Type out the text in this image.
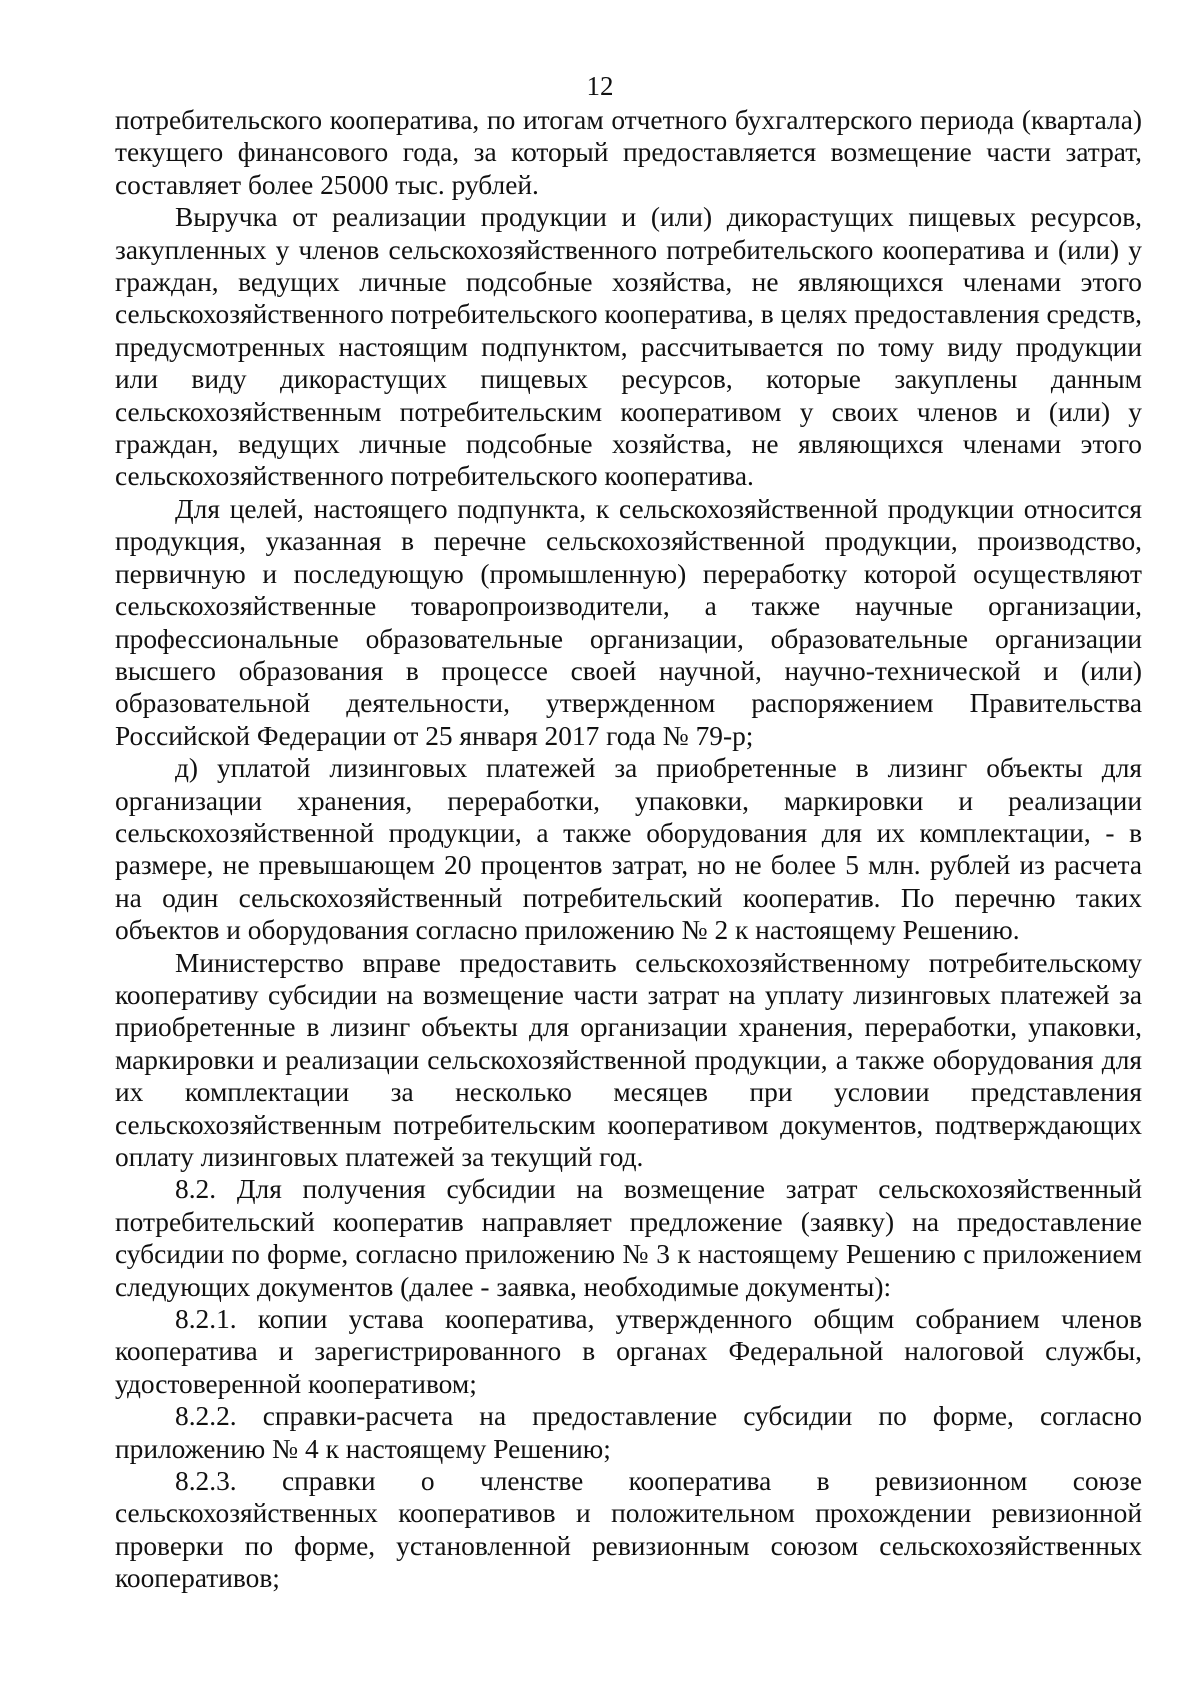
12

потребительского кооператива, по итогам отчетного бухгалтерского периода (квартала) текущего финансового года, за который предоставляется возмещение части затрат, составляет более 25000 тыс. рублей.

Выручка от реализации продукции и (или) дикорастущих пищевых ресурсов, закупленных у членов сельскохозяйственного потребительского кооператива и (или) у граждан, ведущих личные подсобные хозяйства, не являющихся членами этого сельскохозяйственного потребительского кооператива, в целях предоставления средств, предусмотренных настоящим подпунктом, рассчитывается по тому виду продукции или виду дикорастущих пищевых ресурсов, которые закуплены данным сельскохозяйственным потребительским кооперативом у своих членов и (или) у граждан, ведущих личные подсобные хозяйства, не являющихся членами этого сельскохозяйственного потребительского кооператива.

Для целей, настоящего подпункта, к сельскохозяйственной продукции относится продукция, указанная в перечне сельскохозяйственной продукции, производство, первичную и последующую (промышленную) переработку которой осуществляют сельскохозяйственные товаропроизводители, а также научные организации, профессиональные образовательные организации, образовательные организации высшего образования в процессе своей научной, научно-технической и (или) образовательной деятельности, утвержденном распоряжением Правительства Российской Федерации от 25 января 2017 года № 79-р;

д) уплатой лизинговых платежей за приобретенные в лизинг объекты для организации хранения, переработки, упаковки, маркировки и реализации сельскохозяйственной продукции, а также оборудования для их комплектации, - в размере, не превышающем 20 процентов затрат, но не более 5 млн. рублей из расчета на один сельскохозяйственный потребительский кооператив. По перечню таких объектов и оборудования согласно приложению № 2 к настоящему Решению.

Министерство вправе предоставить сельскохозяйственному потребительскому кооперативу субсидии на возмещение части затрат на уплату лизинговых платежей за приобретенные в лизинг объекты для организации хранения, переработки, упаковки, маркировки и реализации сельскохозяйственной продукции, а также оборудования для их комплектации за несколько месяцев при условии представления сельскохозяйственным потребительским кооперативом документов, подтверждающих оплату лизинговых платежей за текущий год.

8.2. Для получения субсидии на возмещение затрат сельскохозяйственный потребительский кооператив направляет предложение (заявку) на предоставление субсидии по форме, согласно приложению № 3 к настоящему Решению с приложением следующих документов (далее - заявка, необходимые документы):

8.2.1. копии устава кооператива, утвержденного общим собранием членов кооператива и зарегистрированного в органах Федеральной налоговой службы, удостоверенной кооперативом;

8.2.2. справки-расчета на предоставление субсидии по форме, согласно приложению № 4 к настоящему Решению;

8.2.3. справки о членстве кооператива в ревизионном союзе сельскохозяйственных кооперативов и положительном прохождении ревизионной проверки по форме, установленной ревизионным союзом сельскохозяйственных кооперативов;
